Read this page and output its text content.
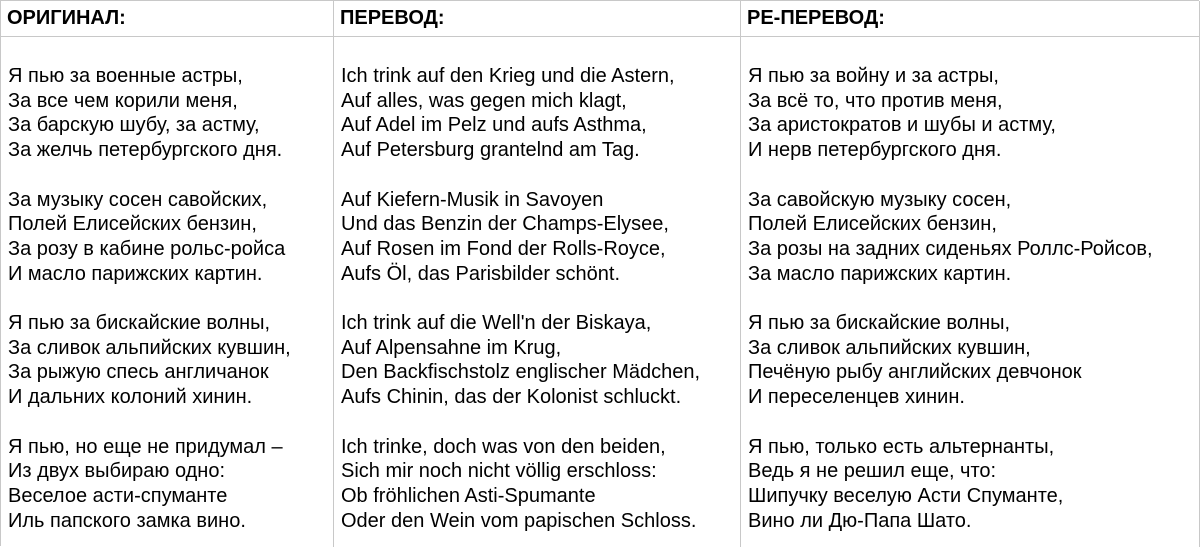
ОРИГИНАЛ:
Я пью за военные астры,
За все чем корили меня,
За барскую шубу, за астму,
За желчь петербургского дня.
За музыку сосен савойских,
Полей Елисейских бензин,
За розу в кабине рольс-ройса
И масло парижских картин.
Я пью за бискайские волны,
За сливок альпийских кувшин,
За рыжую спесь англичанок
И дальних колоний хинин.
Я пью, но еще не придумал –
Из двух выбираю одно:
Веселое асти-спуманте
Иль папского замка вино.
ПЕРЕВОД:
Ich trink auf den Krieg und die Astern,
Auf alles, was gegen mich klagt,
Auf Adel im Pelz und aufs Asthma,
Auf Petersburg grantelnd am Tag.
Auf Kiefern-Musik in Savoyen
Und das Benzin der Champs-Elysee,
Auf Rosen im Fond der Rolls-Royce,
Aufs Öl, das Parisbilder schönt.
Ich trink auf die Well'n der Biskaya,
Auf Alpensahne im Krug,
Den Backfischstolz englischer Mädchen,
Aufs Chinin, das der Kolonist schluckt.
Ich trinke, doch was von den beiden,
Sich mir noch nicht völlig erschloss:
Ob fröhlichen Asti-Spumante
Oder den Wein vom papischen Schloss.
РЕ-ПЕРЕВОД:
Я пью за войну и за астры,
За всё то, что против меня,
За аристократов и шубы и астму,
И нерв петербургского дня.
За савойскую музыку сосен,
Полей Елисейских бензин,
За розы на задних сиденьях Роллс-Ройсов,
За масло парижских картин.
Я пью за бискайские волны,
За сливок альпийских кувшин,
Печёную рыбу английских девчонок
И переселенцев хинин.
Я пью, только есть альтернанты,
Ведь я не решил еще, что:
Шипучку веселую Асти Спуманте,
Вино ли Дю-Папа Шато.
